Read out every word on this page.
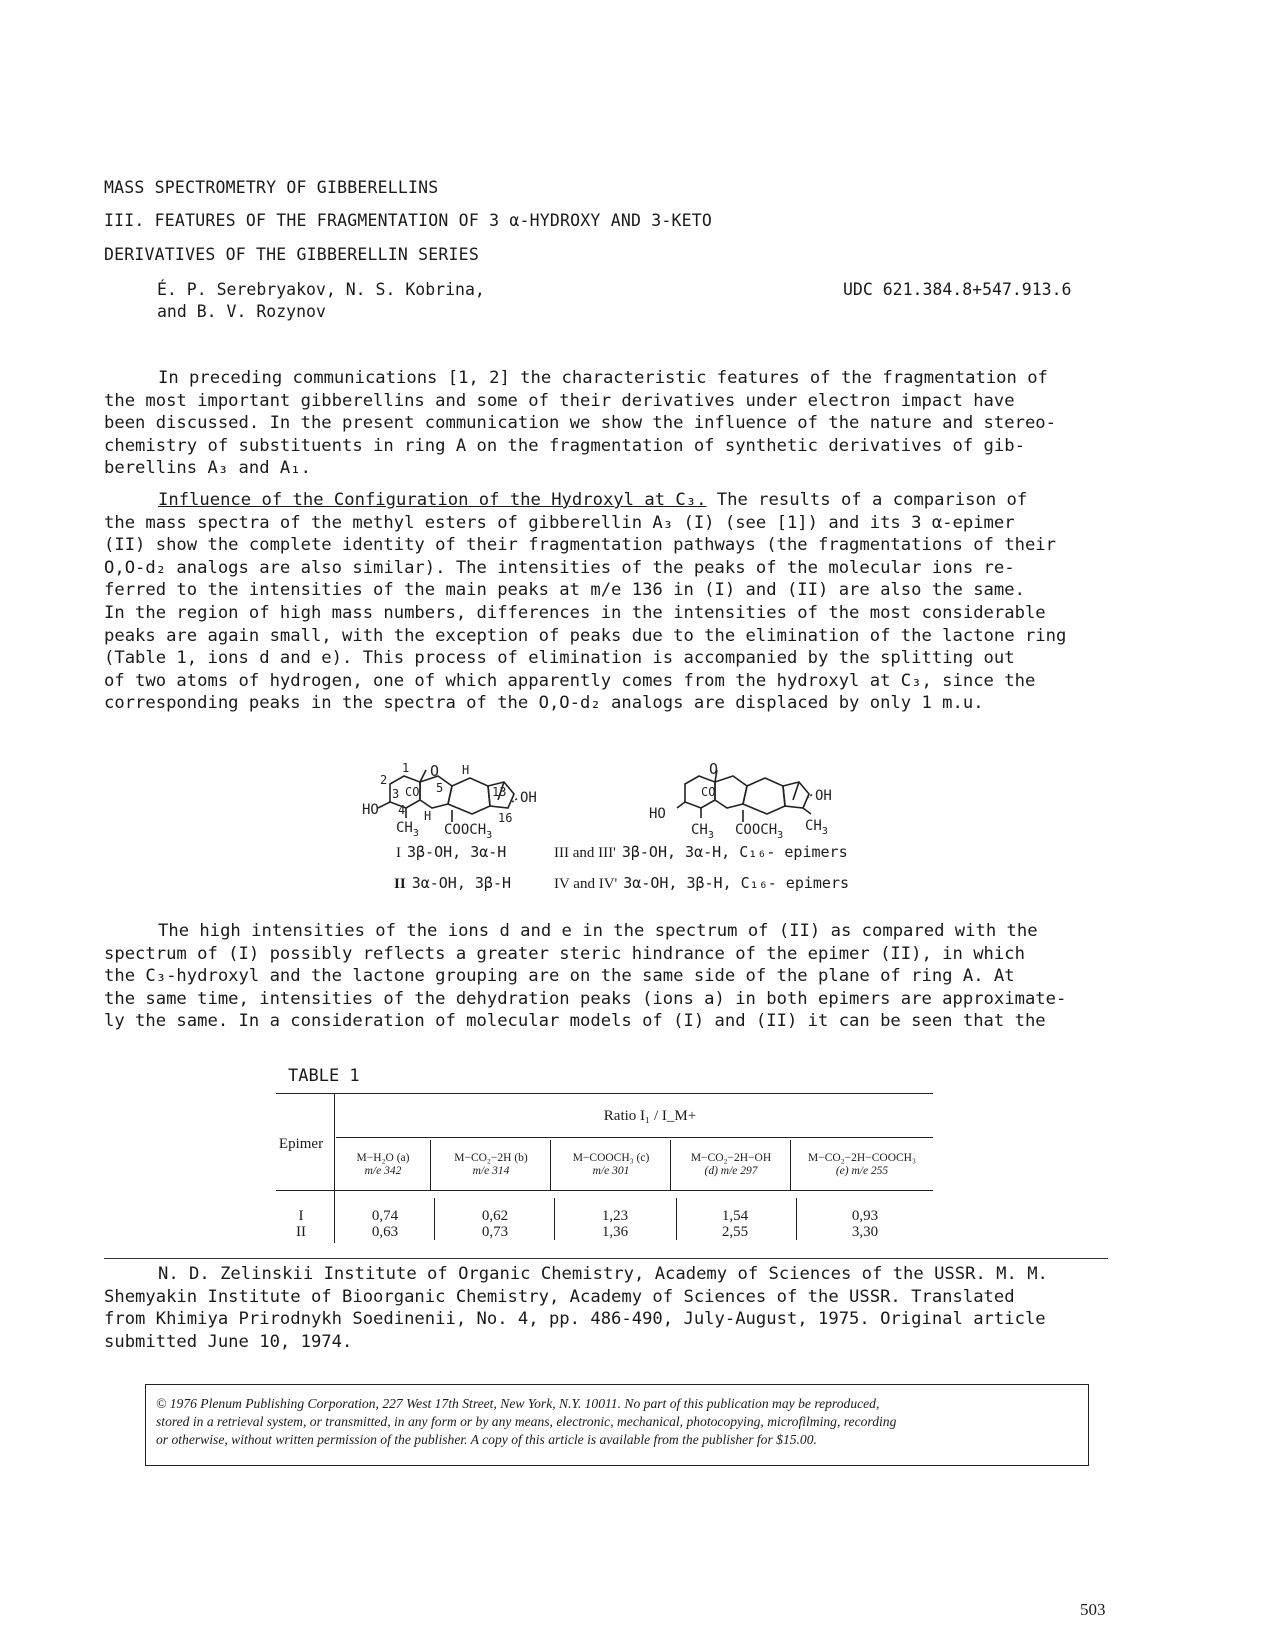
MASS SPECTROMETRY OF GIBBERELLINS
III. FEATURES OF THE FRAGMENTATION OF 3 α-HYDROXY AND 3-KETO
DERIVATIVES OF THE GIBBERELLIN SERIES
É. P. Serebryakov, N. S. Kobrina,
and B. V. Rozynov
UDC 621.384.8+547.913.6
In preceding communications [1, 2] the characteristic features of the fragmentation of
the most important gibberellins and some of their derivatives under electron impact have
been discussed. In the present communication we show the influence of the nature and stereo-
chemistry of substituents in ring A on the fragmentation of synthetic derivatives of gib-
berellins A₃ and A₁.
Influence of the Configuration of the Hydroxyl at C₃. The results of a comparison of
the mass spectra of the methyl esters of gibberellin A₃ (I) (see [1]) and its 3 α-epimer
(II) show the complete identity of their fragmentation pathways (the fragmentations of their
O,O-d₂ analogs are also similar). The intensities of the peaks of the molecular ions re-
ferred to the intensities of the main peaks at m/e 136 in (I) and (II) are also the same.
In the region of high mass numbers, differences in the intensities of the most considerable
peaks are again small, with the exception of peaks due to the elimination of the lactone ring
(Table 1, ions d and e). This process of elimination is accompanied by the splitting out
of two atoms of hydrogen, one of which apparently comes from the hydroxyl at C₃, since the
corresponding peaks in the spectra of the O,O-d₂ analogs are displaced by only 1 m.u.
1
2
3
4
5	13
16
CO
O H
H
HO
OH
$CH_3$ $COOCH_3$
CO
O
HO
OH
$CH_3$ $COOCH_3$
$CH_3$
I 3β-OH, 3α-H
II 3α-OH, 3β-H
III and III' 3β-OH, 3α-H, C₁₆- epimers
IV and IV' 3α-OH, 3β-H, C₁₆- epimers
The high intensities of the ions d and e in the spectrum of (II) as compared with the
spectrum of (I) possibly reflects a greater steric hindrance of the epimer (II), in which
the C₃-hydroxyl and the lactone grouping are on the same side of the plane of ring A. At
the same time, intensities of the dehydration peaks (ions a) in both epimers are approximate-
ly the same. In a consideration of molecular models of (I) and (II) it can be seen that the
TABLE 1
Epimer
Ratio I₁ / I_M+
M−H₂O (a)
m/e 342
M−CO₂−2H (b)
m/e 314
M−COOCH₃ (c)
m/e 301
M−CO₂−2H−OH
(d) m/e 297
M−CO₂−2H−COOCH₃
(e) m/e 255
I	0,74	0,62	1,23	1,54	0,93
II	0,63	0,73	1,36	2,55	3,30
N. D. Zelinskii Institute of Organic Chemistry, Academy of Sciences of the USSR. M. M.
Shemyakin Institute of Bioorganic Chemistry, Academy of Sciences of the USSR. Translated
from Khimiya Prirodnykh Soedinenii, No. 4, pp. 486-490, July-August, 1975. Original article
submitted June 10, 1974.
© 1976 Plenum Publishing Corporation, 227 West 17th Street, New York, N.Y. 10011. No part of this publication may be reproduced,
stored in a retrieval system, or transmitted, in any form or by any means, electronic, mechanical, photocopying, microfilming, recording
or otherwise, without written permission of the publisher. A copy of this article is available from the publisher for $15.00.
503
